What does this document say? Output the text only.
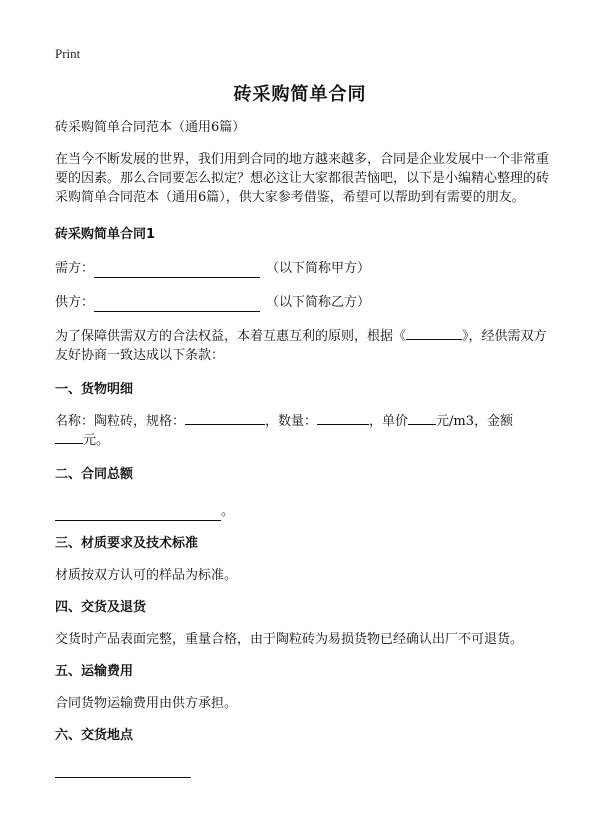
Print
砖采购简单合同

砖采购简单合同范本（通用6篇）

在当今不断发展的世界，我们用到合同的地方越来越多，合同是企业发展中一个非常重要的因素。那么合同要怎么拟定？想必这让大家都很苦恼吧，以下是小编精心整理的砖采购简单合同范本（通用6篇），供大家参考借鉴，希望可以帮助到有需要的朋友。

砖采购简单合同1

需方：	（以下简称甲方）
供方：	（以下简称乙方）
为了保障供需双方的合法权益，本着互惠互利的原则，根据《	》，经供需双方友好协商一致达成以下条款：

一、货物明细

名称：陶粒砖，规格：	，数量：	，单价 元/m3，金额
元。

二、合同总额

。

三、材质要求及技术标准

材质按双方认可的样品为标准。

四、交货及退货

交货时产品表面完整，重量合格，由于陶粒砖为易损货物已经确认出厂不可退货。

五、运输费用

合同货物运输费用由供方承担。

六、交货地点
